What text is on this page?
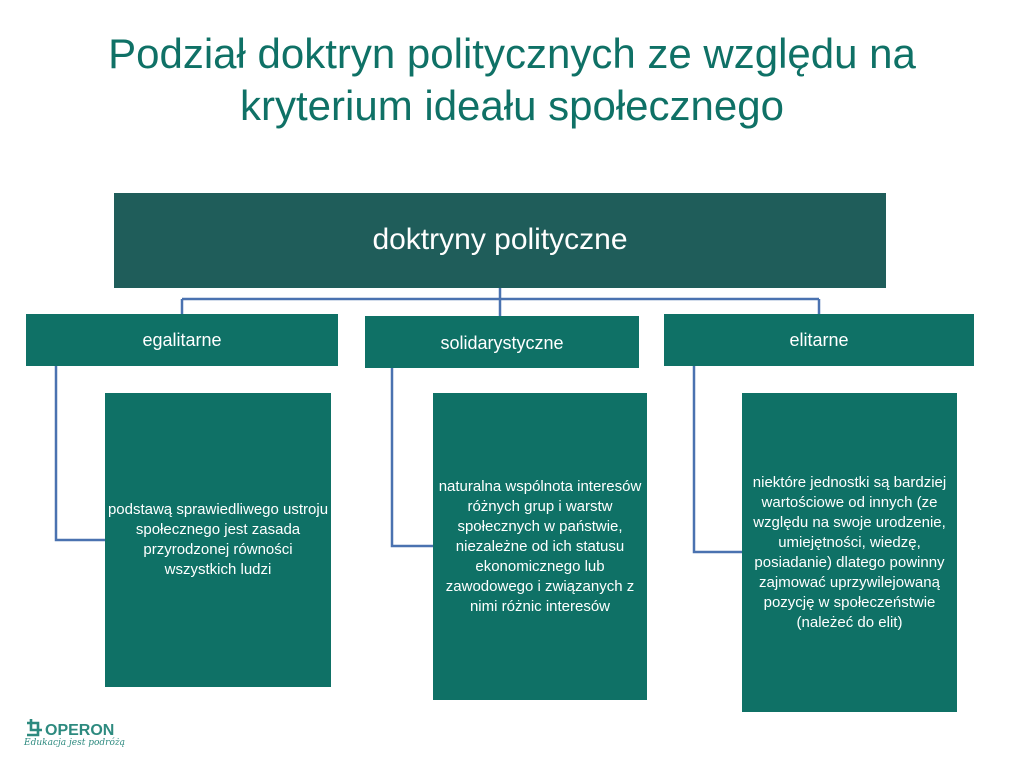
Podział doktryn politycznych ze względu na kryterium ideału społecznego
doktryny polityczne
egalitarne	solidarystyczne	elitarne
podstawą sprawiedliwego ustroju społecznego jest zasada przyrodzonej równości wszystkich ludzi
naturalna wspólnota interesów różnych grup i warstw społecznych w państwie, niezależne od ich statusu ekonomicznego lub zawodowego i związanych z nimi różnic interesów
niektóre jednostki są bardziej wartościowe od innych (ze względu na swoje urodzenie, umiejętności, wiedzę, posiadanie) dlatego powinny zajmować uprzywilejowaną pozycję w społeczeństwie (należeć do elit)
OPERON
Edukacja jest podróżą
